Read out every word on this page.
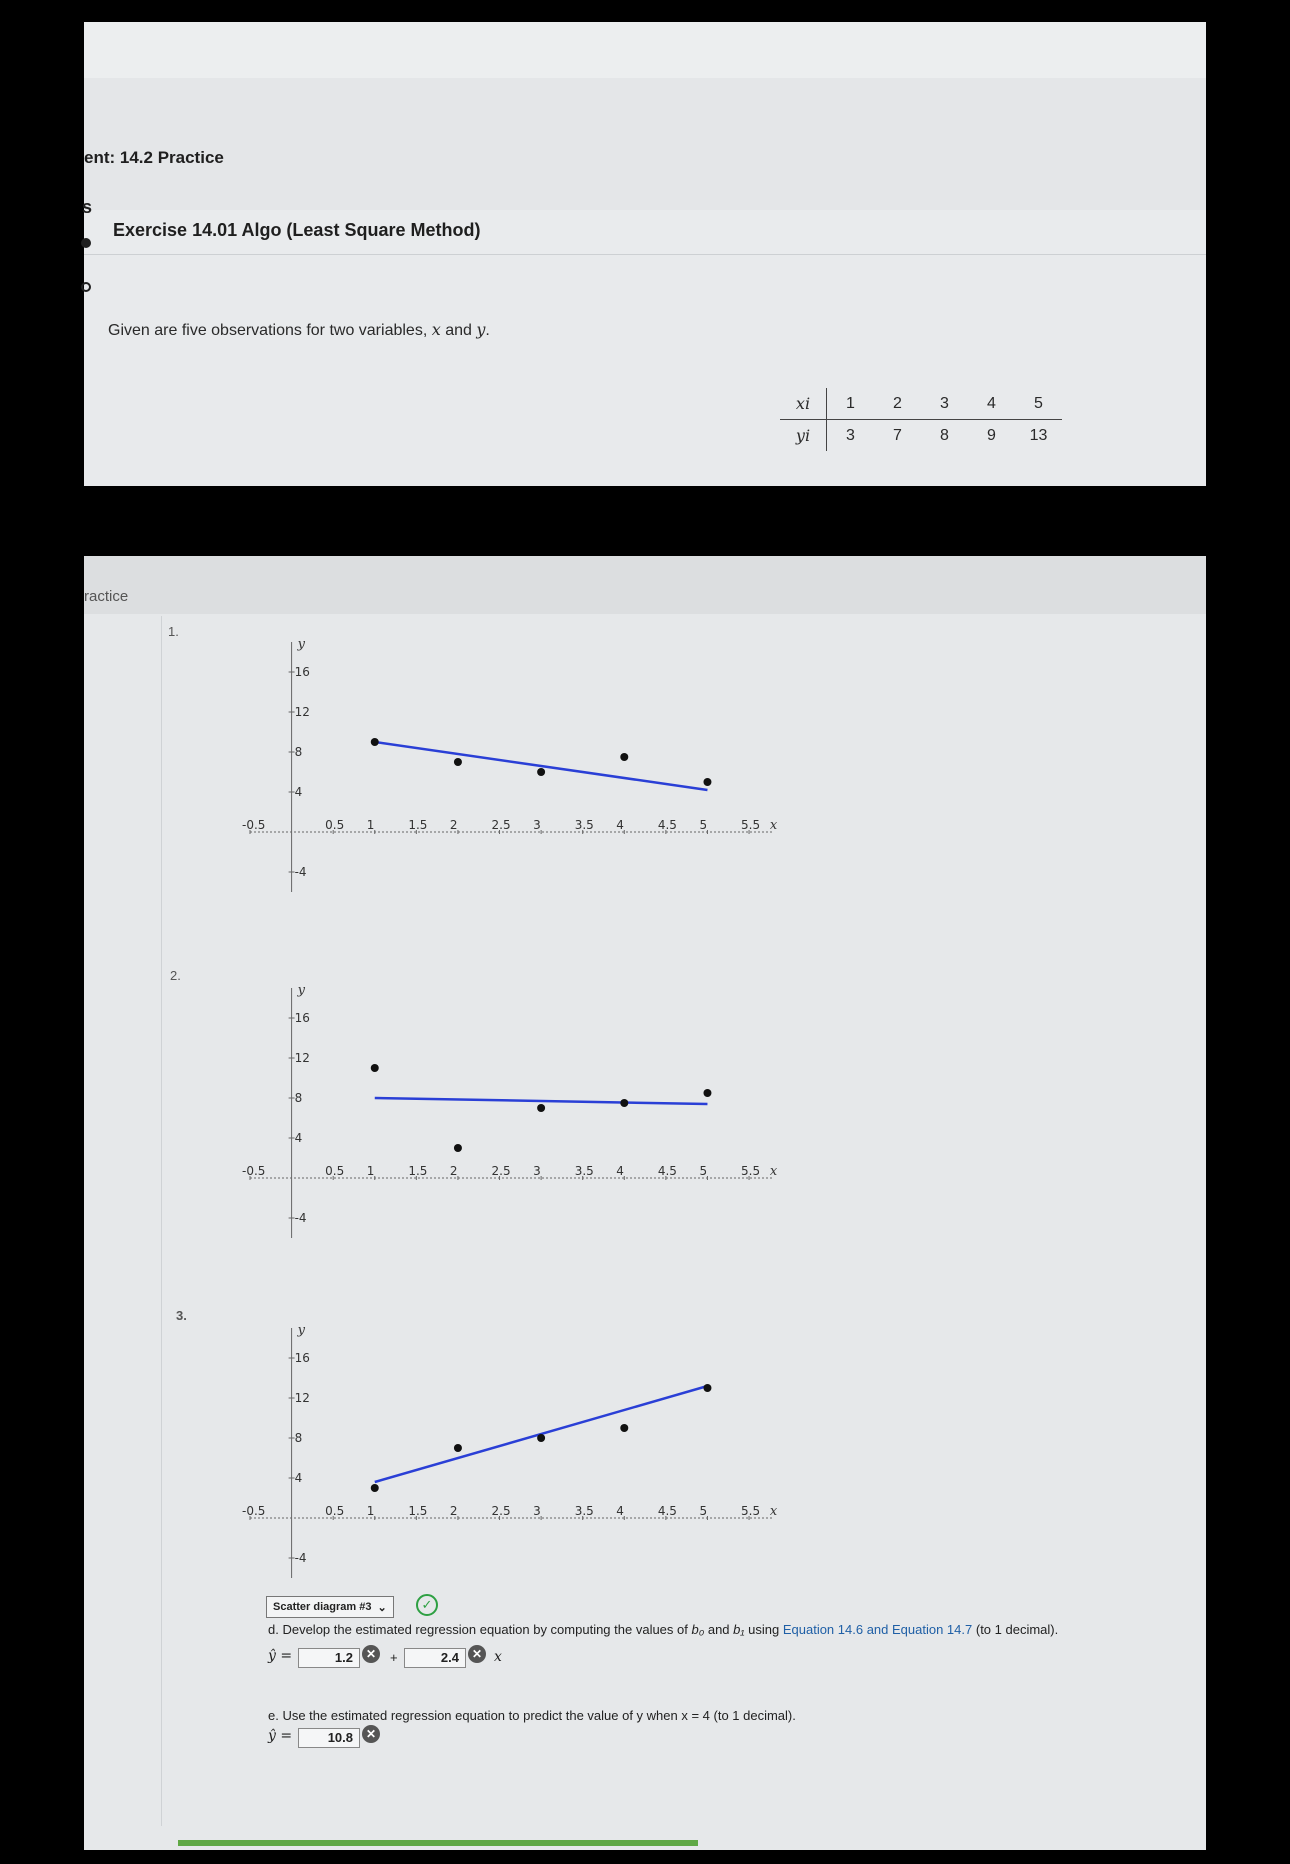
ent: 14.2 Practice
Exercise 14.01 Algo (Least Square Method)
Given are five observations for two variables, x and y.
xi	1	2	3	4	5
yi	3	7	8	9	13
s
ractice
1.
2.
3.
y
16
12
8
4
-4
-0.5	0.5 1	1.5 2	2.5 3	3.5 4	4.5 5	5.5 x
y
16
12
8
4
-4
-0.5	0.5 1	1.5 2	2.5 3	3.5 4	4.5 5	5.5 x
y
16
12
8
4
-4
-0.5	0.5 1	1.5 2	2.5 3	3.5 4	4.5 5	5.5 x
Scatter diagram #3 ⌄	✓
d. Develop the estimated regression equation by computing the values of b₀ and b₁ using Equation 14.6 and Equation 14.7 (to 1 decimal).
ŷ =	1.2	✕	+	2.4	✕ x
e. Use the estimated regression equation to predict the value of y when x = 4 (to 1 decimal).
ŷ =	10.8	✕
